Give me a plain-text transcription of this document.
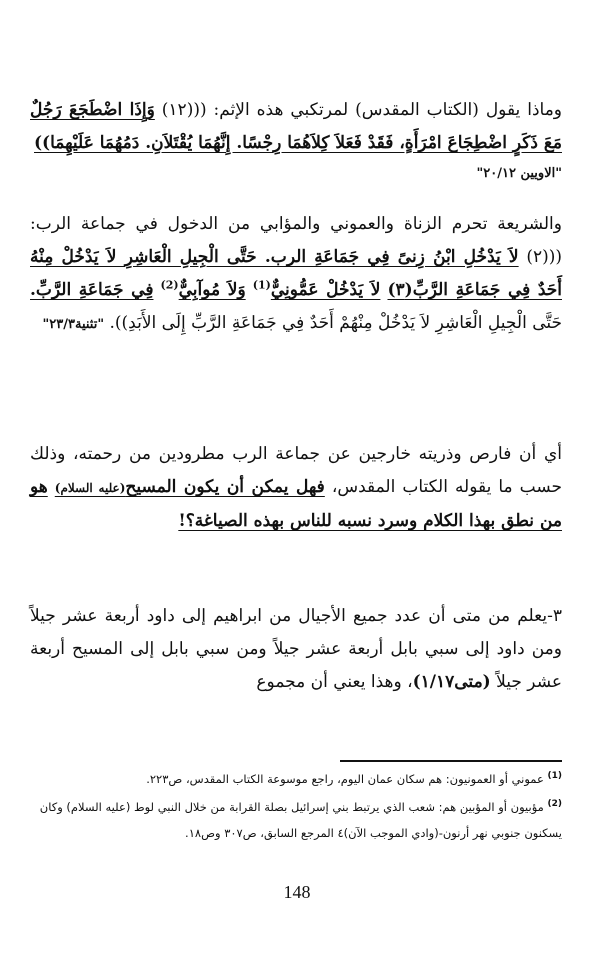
وماذا يقول (الكتاب المقدس) لمرتكبي هذه الإثم: (((١٢) وَإِذَا اضْطَجَعَ رَجُلٌ مَعَ ذَكَرٍ اضْطِجَاعَ امْرَأَةٍ، فَقَدْ فَعَلاَ كِلاَهُمَا رِجْسًا. إِنَّهُمَا يُقْتَلاَنِ. دَمُهُمَا عَلَيْهِمَا))
"الاويين ٢٠/١٢"
والشريعة تحرم الزناة والعموني والمؤابي من الدخول في جماعة الرب: (((٢) لاَ يَدْخُلِ ابْنُ زِنىً فِي جَمَاعَةِ الرب. حَتَّى الْجِيلِ الْعَاشِرِ لاَ يَدْخُلْ مِنْهُ أَحَدٌ فِي جَمَاعَةِ الرَّبِّ(٣) لاَ يَدْخُلْ عَمُّونِيٌّ$^{(1)}$ وَلاَ مُوآبِيٌّ$^{(2)}$ فِي جَمَاعَةِ الرَّبِّ. حَتَّى الْجِيلِ الْعَاشِرِ لاَ يَدْخُلْ مِنْهُمْ أَحَدٌ فِي جَمَاعَةِ الرَّبِّ إِلَى الأَبَدِ)). "تثنية٢٣/٣"
أي أن فارص وذريته خارجين عن جماعة الرب مطرودين من رحمته، وذلك حسب ما يقوله الكتاب المقدس، فهل يمكن أن يكون المسيح(عليه السلام) هو من نطق بهذا الكلام وسرد نسبه للناس بهذه الصياغة؟!
٣-يعلم من متى أن عدد جميع الأجيال من ابراهيم إلى داود أربعة عشر جيلاً ومن داود إلى سبي بابل أربعة عشر جيلاً ومن سبي بابل إلى المسيح أربعة عشر جيلاً (متى١/١٧)، وهذا يعني أن مجموع
$^{(1)}$ عموني أو العمونيون: هم سكان عمان اليوم، راجع موسوعة الكتاب المقدس، ص٢٢٣.
$^{(2)}$ مؤبيون أو المؤبين هم: شعب الذي يرتبط بني إسرائيل بصلة القرابة من خلال النبي لوط (عليه السلام) وكان يسكنون جنوبي نهر أرنون-(وادي الموجب الآن)٤ المرجع السابق، ص٣٠٧ وص١٨.
148
